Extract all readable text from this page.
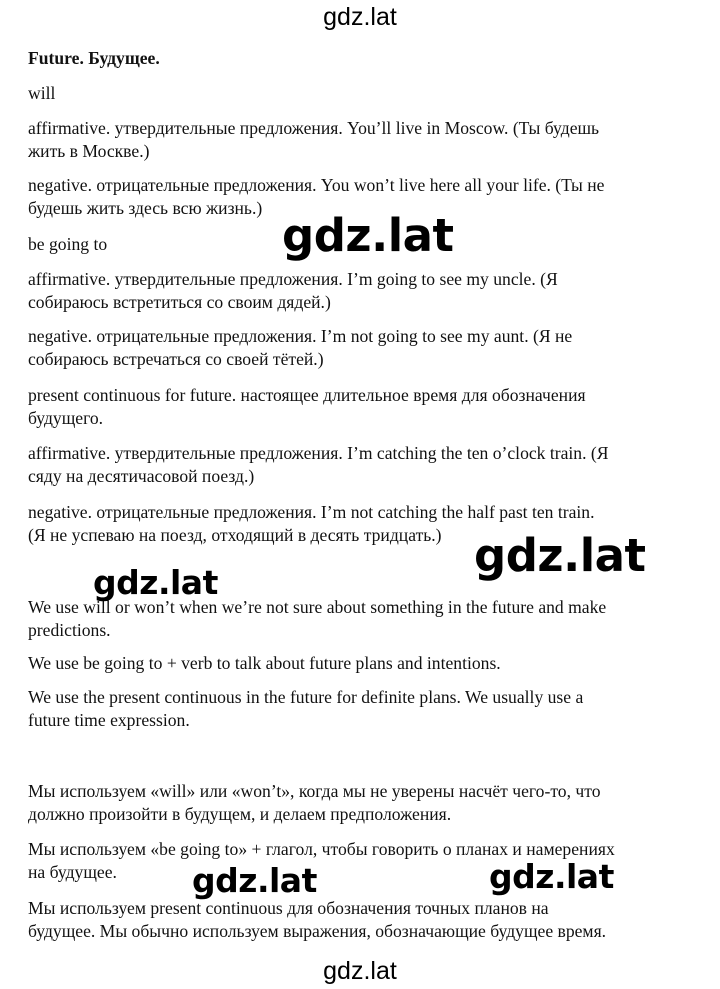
gdz.lat
Future. Будущее.
will
affirmative. утвердительные предложения. You’ll live in Moscow. (Ты будешь
жить в Москве.)
negative. отрицательные предложения. You won’t live here all your life. (Ты не
будешь жить здесь всю жизнь.)
be going to
affirmative. утвердительные предложения. I’m going to see my uncle. (Я
собираюсь встретиться со своим дядей.)
negative. отрицательные предложения. I’m not going to see my aunt. (Я не
собираюсь встречаться со своей тётей.)
present continuous for future. настоящее длительное время для обозначения
будущего.
affirmative. утвердительные предложения. I’m catching the ten o’clock train. (Я
сяду на десятичасовой поезд.)
negative. отрицательные предложения. I’m not catching the half past ten train.
(Я не успеваю на поезд, отходящий в десять тридцать.)
We use will or won’t when we’re not sure about something in the future and make
predictions.
We use be going to + verb to talk about future plans and intentions.
We use the present continuous in the future for definite plans. We usually use a
future time expression.
Мы используем «will» или «won’t», когда мы не уверены насчёт чего-то, что
должно произойти в будущем, и делаем предположения.
Мы используем «be going to» + глагол, чтобы говорить о планах и намерениях
на будущее.
Мы используем present continuous для обозначения точных планов на
будущее. Мы обычно используем выражения, обозначающие будущее время.
gdz.lat
gdz.lat
gdz.lat
gdz.lat	gdz.lat
gdz.lat
